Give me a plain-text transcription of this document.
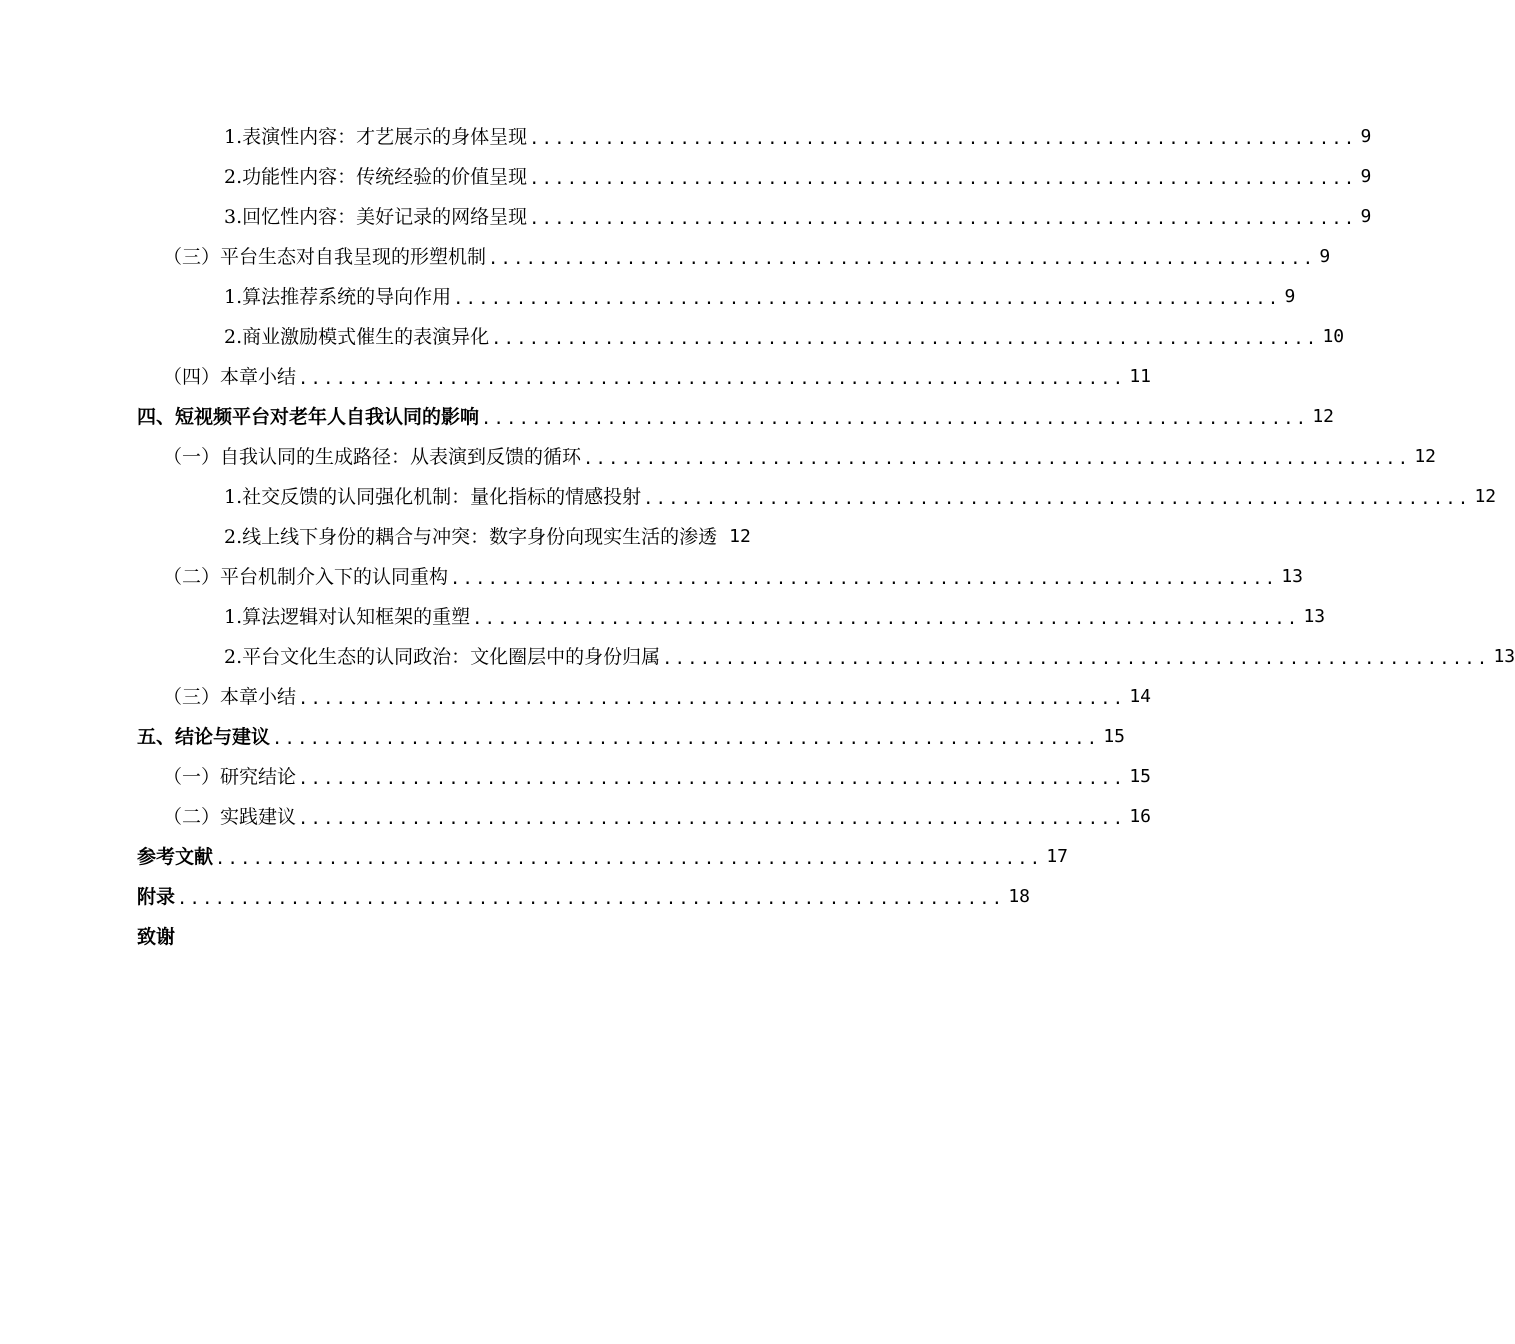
1.表演性内容：才艺展示的身体呈现 .................................................................. 9
2.功能性内容：传统经验的价值呈现 .................................................................. 9
3.回忆性内容：美好记录的网络呈现 .................................................................. 9
（三）平台生态对自我呈现的形塑机制 .................................................................. 9
1.算法推荐系统的导向作用 .................................................................. 9
2.商业激励模式催生的表演异化 .................................................................. 10
（四）本章小结 .................................................................. 11
四、短视频平台对老年人自我认同的影响 .................................................................. 12
（一）自我认同的生成路径：从表演到反馈的循环 .................................................................. 12
1.社交反馈的认同强化机制：量化指标的情感投射 .................................................................. 12
2.线上线下身份的耦合与冲突：数字身份向现实生活的渗透 12
（二）平台机制介入下的认同重构 .................................................................. 13
1.算法逻辑对认知框架的重塑 .................................................................. 13
2.平台文化生态的认同政治：文化圈层中的身份归属 .................................................................. 13
（三）本章小结 .................................................................. 14
五、结论与建议 .................................................................. 15
（一）研究结论 .................................................................. 15
（二）实践建议 .................................................................. 16
参考文献 .................................................................. 17
附录 .................................................................. 18
致谢
